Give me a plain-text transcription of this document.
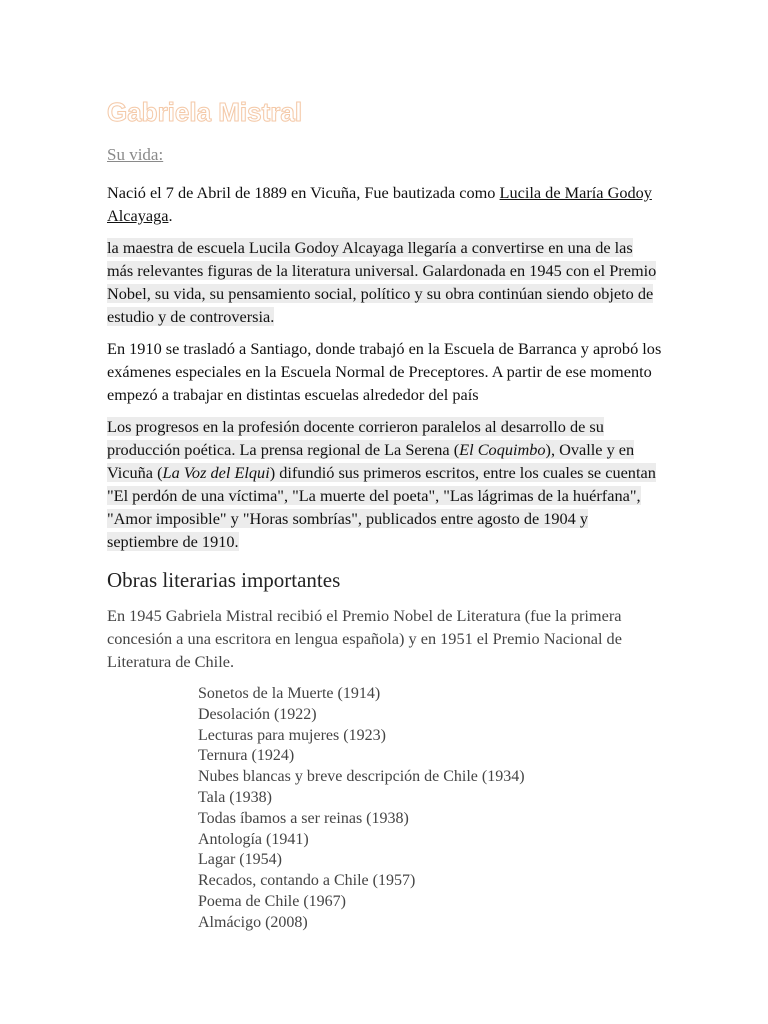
Gabriela Mistral
Su vida:

Nació el 7 de Abril de 1889 en Vicuña, Fue bautizada como Lucila de María Godoy Alcayaga.

la maestra de escuela Lucila Godoy Alcayaga llegaría a convertirse en una de las más relevantes figuras de la literatura universal. Galardonada en 1945 con el Premio Nobel, su vida, su pensamiento social, político y su obra continúan siendo objeto de estudio y de controversia.

En 1910 se trasladó a Santiago, donde trabajó en la Escuela de Barranca y aprobó los exámenes especiales en la Escuela Normal de Preceptores. A partir de ese momento empezó a trabajar en distintas escuelas alrededor del país

Los progresos en la profesión docente corrieron paralelos al desarrollo de su producción poética. La prensa regional de La Serena (El Coquimbo), Ovalle y en Vicuña (La Voz del Elqui) difundió sus primeros escritos, entre los cuales se cuentan "El perdón de una víctima", "La muerte del poeta", "Las lágrimas de la huérfana", "Amor imposible" y "Horas sombrías", publicados entre agosto de 1904 y septiembre de 1910.

Obras literarias importantes

En 1945 Gabriela Mistral recibió el Premio Nobel de Literatura (fue la primera concesión a una escritora en lengua española) y en 1951 el Premio Nacional de Literatura de Chile.

Sonetos de la Muerte (1914)
Desolación (1922)
Lecturas para mujeres (1923)
Ternura (1924)
Nubes blancas y breve descripción de Chile (1934)
Tala (1938)
Todas íbamos a ser reinas (1938)
Antología (1941)
Lagar (1954)
Recados, contando a Chile (1957)
Poema de Chile (1967)
Almácigo (2008)
